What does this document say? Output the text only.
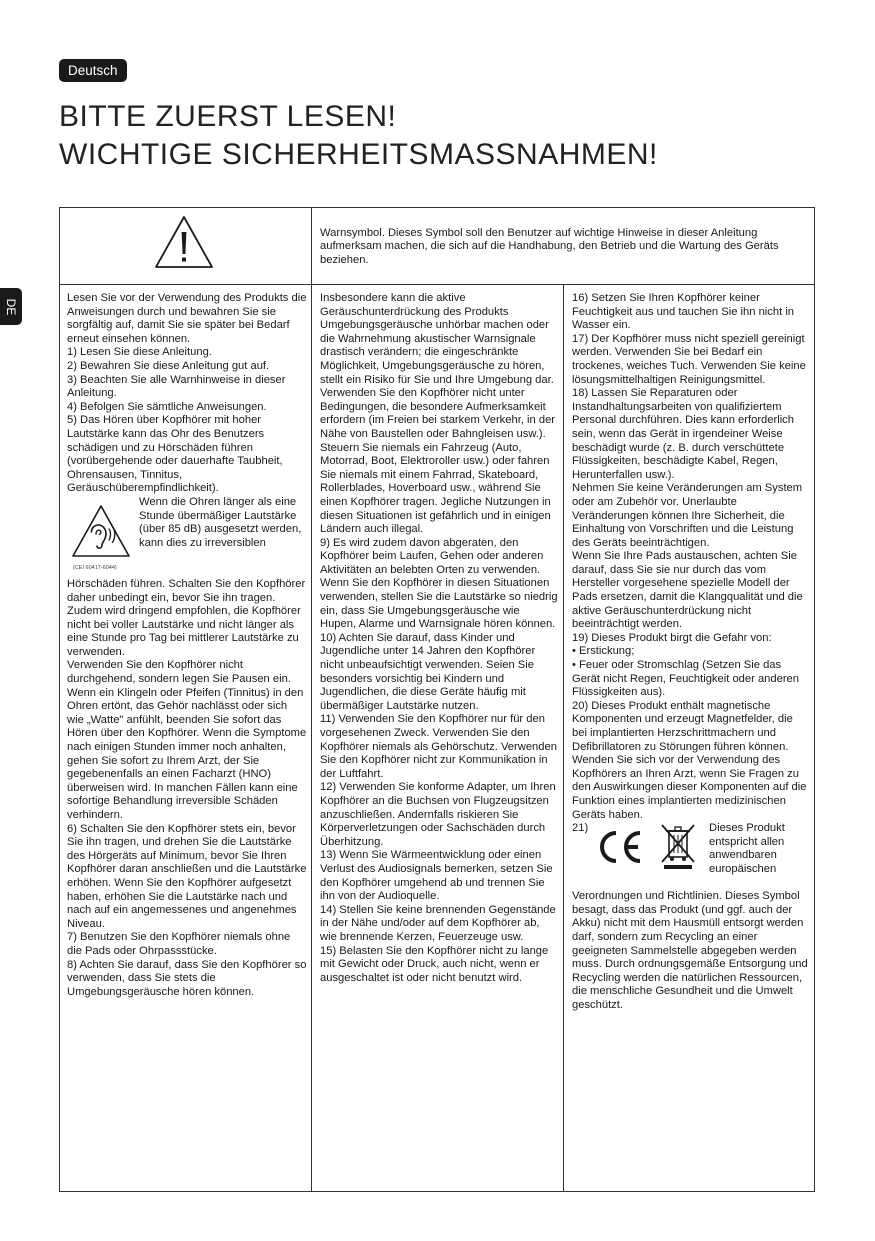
Deutsch
DE
BITTE ZUERST LESEN!
WICHTIGE SICHERHEITSMASSNAHMEN!
Warnsymbol. Dieses Symbol soll den Benutzer auf wichtige Hinweise in dieser Anleitung aufmerksam machen, die sich auf die Handhabung, den Betrieb und die Wartung des Geräts beziehen.

Lesen Sie vor der Verwendung des Produkts die Anweisungen durch und bewahren Sie sie sorgfältig auf, damit Sie sie später bei Bedarf erneut einsehen können.

1) Lesen Sie diese Anleitung.

2) Bewahren Sie diese Anleitung gut auf.

3) Beachten Sie alle Warnhinweise in dieser Anleitung.

4) Befolgen Sie sämtliche Anweisungen.

5) Das Hören über Kopfhörer mit hoher Lautstärke kann das Ohr des Benutzers schädigen und zu Hörschäden führen (vorübergehende oder dauerhafte Taubheit, Ohrensausen, Tinnitus, Geräuschüberempfindlichkeit).

(CEI 60417-6044)

Wenn die Ohren länger als eine Stunde übermäßiger Lautstärke (über 85 dB) ausgesetzt werden, kann dies zu irreversiblen

Hörschäden führen. Schalten Sie den Kopfhörer daher unbedingt ein, bevor Sie ihn tragen. Zudem wird dringend empfohlen, die Kopfhörer nicht bei voller Lautstärke und nicht länger als eine Stunde pro Tag bei mittlerer Lautstärke zu verwenden.

Verwenden Sie den Kopfhörer nicht durchgehend, sondern legen Sie Pausen ein.

Wenn ein Klingeln oder Pfeifen (Tinnitus) in den Ohren ertönt, das Gehör nachlässt oder sich wie „Watte" anfühlt, beenden Sie sofort das Hören über den Kopfhörer. Wenn die Symptome nach einigen Stunden immer noch anhalten, gehen Sie sofort zu Ihrem Arzt, der Sie gegebenenfalls an einen Facharzt (HNO) überweisen wird. In manchen Fällen kann eine sofortige Behandlung irreversible Schäden verhindern.

6) Schalten Sie den Kopfhörer stets ein, bevor Sie ihn tragen, und drehen Sie die Lautstärke des Hörgeräts auf Minimum, bevor Sie Ihren Kopfhörer daran anschließen und die Lautstärke erhöhen. Wenn Sie den Kopfhörer aufgesetzt haben, erhöhen Sie die Lautstärke nach und nach auf ein angemessenes und angenehmes Niveau.

7) Benutzen Sie den Kopfhörer niemals ohne die Pads oder Ohrpassstücke.

8) Achten Sie darauf, dass Sie den Kopfhörer so verwenden, dass Sie stets die Umgebungsgeräusche hören können.

Insbesondere kann die aktive Geräuschunterdrückung des Produkts Umgebungsgeräusche unhörbar machen oder die Wahrnehmung akustischer Warnsignale drastisch verändern; die eingeschränkte Möglichkeit, Umgebungsgeräusche zu hören, stellt ein Risiko für Sie und Ihre Umgebung dar.

Verwenden Sie den Kopfhörer nicht unter Bedingungen, die besondere Aufmerksamkeit erfordern (im Freien bei starkem Verkehr, in der Nähe von Baustellen oder Bahngleisen usw.).

Steuern Sie niemals ein Fahrzeug (Auto, Motorrad, Boot, Elektroroller usw.) oder fahren Sie niemals mit einem Fahrrad, Skateboard, Rollerblades, Hoverboard usw., während Sie einen Kopfhörer tragen. Jegliche Nutzungen in diesen Situationen ist gefährlich und in einigen Ländern auch illegal.

9) Es wird zudem davon abgeraten, den Kopfhörer beim Laufen, Gehen oder anderen Aktivitäten an belebten Orten zu verwenden. Wenn Sie den Kopfhörer in diesen Situationen verwenden, stellen Sie die Lautstärke so niedrig ein, dass Sie Umgebungsgeräusche wie Hupen, Alarme und Warnsignale hören können.

10) Achten Sie darauf, dass Kinder und Jugendliche unter 14 Jahren den Kopfhörer nicht unbeaufsichtigt verwenden. Seien Sie besonders vorsichtig bei Kindern und Jugendlichen, die diese Geräte häufig mit übermäßiger Lautstärke nutzen.

11) Verwenden Sie den Kopfhörer nur für den vorgesehenen Zweck. Verwenden Sie den Kopfhörer niemals als Gehörschutz. Verwenden Sie den Kopfhörer nicht zur Kommunikation in der Luftfahrt.

12) Verwenden Sie konforme Adapter, um Ihren Kopfhörer an die Buchsen von Flugzeugsitzen anzuschließen. Andernfalls riskieren Sie Körperverletzungen oder Sachschäden durch Überhitzung.

13) Wenn Sie Wärmeentwicklung oder einen Verlust des Audiosignals bemerken, setzen Sie den Kopfhörer umgehend ab und trennen Sie ihn von der Audioquelle.

14) Stellen Sie keine brennenden Gegenstände in der Nähe und/oder auf dem Kopfhörer ab, wie brennende Kerzen, Feuerzeuge usw.

15) Belasten Sie den Kopfhörer nicht zu lange mit Gewicht oder Druck, auch nicht, wenn er ausgeschaltet ist oder nicht benutzt wird.

16) Setzen Sie Ihren Kopfhörer keiner Feuchtigkeit aus und tauchen Sie ihn nicht in Wasser ein.

17) Der Kopfhörer muss nicht speziell gereinigt werden. Verwenden Sie bei Bedarf ein trockenes, weiches Tuch. Verwenden Sie keine lösungsmittelhaltigen Reinigungsmittel.

18) Lassen Sie Reparaturen oder Instandhaltungsarbeiten von qualifiziertem Personal durchführen. Dies kann erforderlich sein, wenn das Gerät in irgendeiner Weise beschädigt wurde (z. B. durch verschüttete Flüssigkeiten, beschädigte Kabel, Regen, Herunterfallen usw.).

Nehmen Sie keine Veränderungen am System oder am Zubehör vor. Unerlaubte Veränderungen können Ihre Sicherheit, die Einhaltung von Vorschriften und die Leistung des Geräts beeinträchtigen.

Wenn Sie Ihre Pads austauschen, achten Sie darauf, dass Sie sie nur durch das vom Hersteller vorgesehene spezielle Modell der Pads ersetzen, damit die Klangqualität und die aktive Geräuschunterdrückung nicht beeinträchtigt werden.

19) Dieses Produkt birgt die Gefahr von:

• Erstickung;

• Feuer oder Stromschlag (Setzen Sie das Gerät nicht Regen, Feuchtigkeit oder anderen Flüssigkeiten aus).

20) Dieses Produkt enthält magnetische Komponenten und erzeugt Magnetfelder, die bei implantierten Herzschrittmachern und Defibrillatoren zu Störungen führen können. Wenden Sie sich vor der Verwendung des Kopfhörers an Ihren Arzt, wenn Sie Fragen zu den Auswirkungen dieser Komponenten auf die Funktion eines implantierten medizinischen Geräts haben.

21)	Dieses Produkt entspricht allen anwendbaren europäischen

Verordnungen und Richtlinien. Dieses Symbol besagt, dass das Produkt (und ggf. auch der Akku) nicht mit dem Hausmüll entsorgt werden darf, sondern zum Recycling an einer geeigneten Sammelstelle abgegeben werden muss. Durch ordnungsgemäße Entsorgung und Recycling werden die natürlichen Ressourcen, die menschliche Gesundheit und die Umwelt geschützt.
